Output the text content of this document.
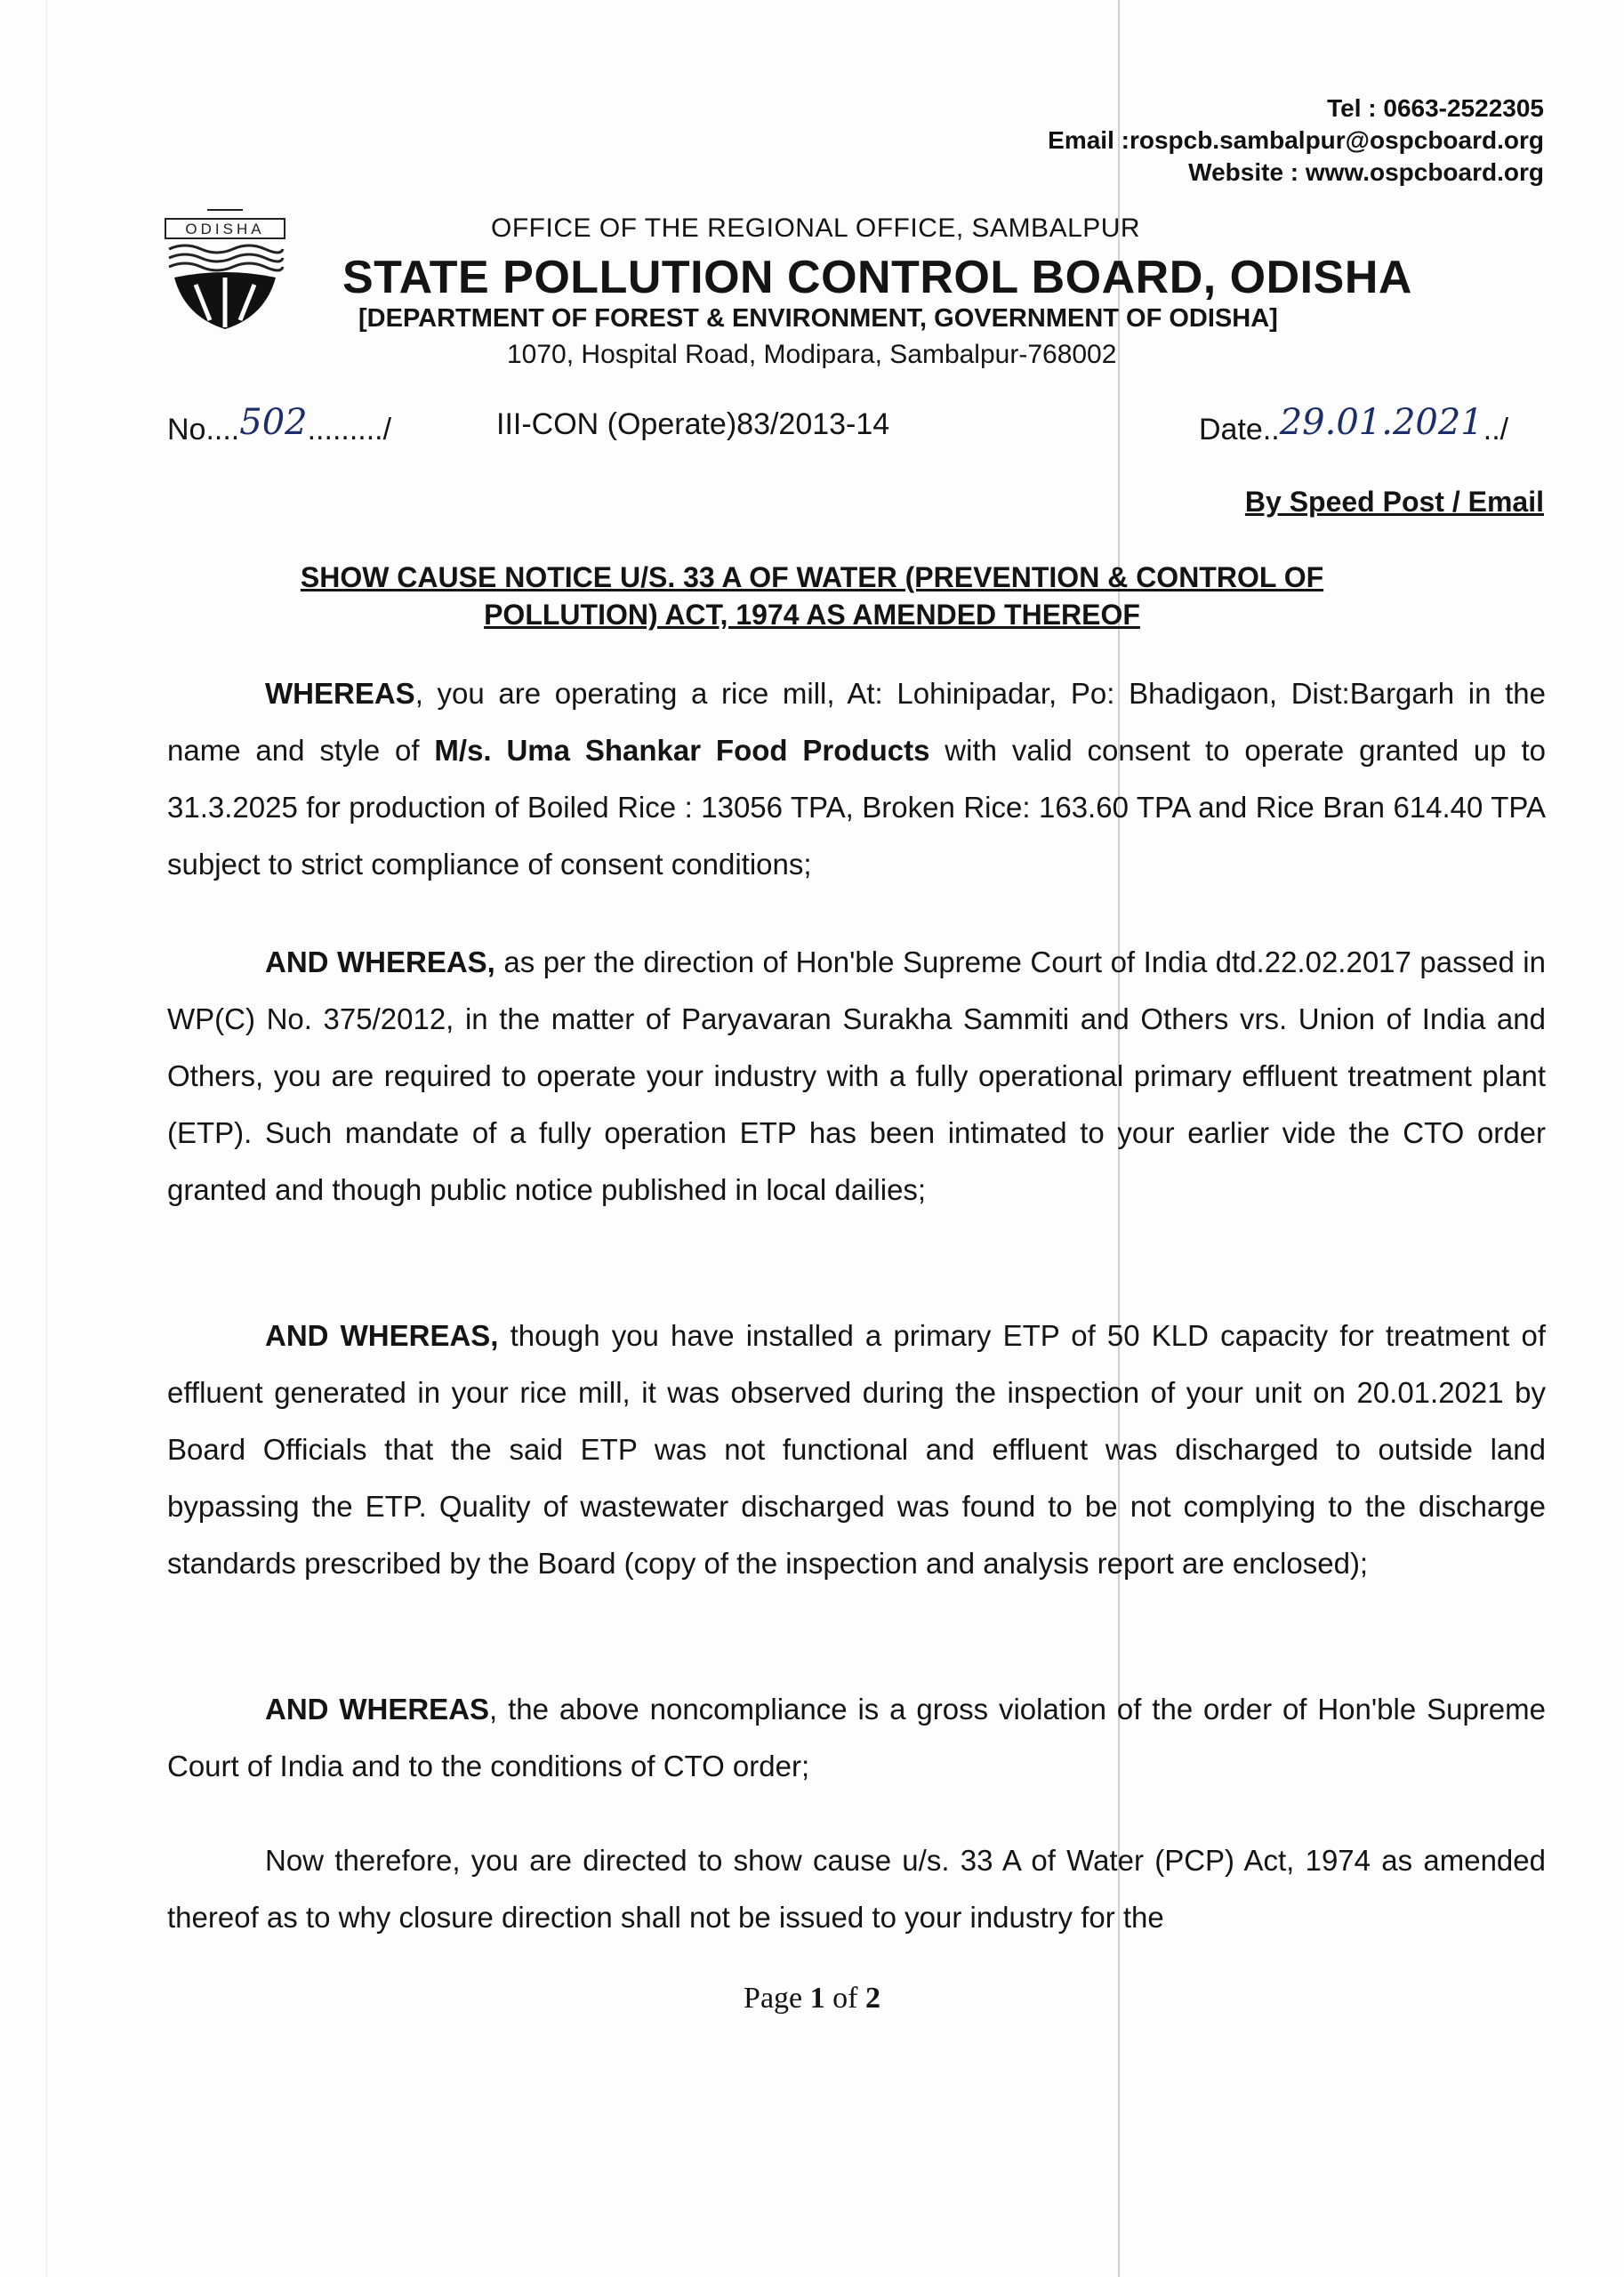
Tel : 0663-2522305
Email :rospcb.sambalpur@ospcboard.org
Website : www.ospcboard.org
ODISHA	OFFICE OF THE REGIONAL OFFICE, SAMBALPUR
STATE POLLUTION CONTROL BOARD, ODISHA
[DEPARTMENT OF FOREST & ENVIRONMENT, GOVERNMENT OF ODISHA]
1070, Hospital Road, Modipara, Sambalpur-768002
No....502........./	III-CON (Operate)83/2013-14	Date..29.01.2021../
By Speed Post / Email
SHOW CAUSE NOTICE U/S. 33 A OF WATER (PREVENTION & CONTROL OF
POLLUTION) ACT, 1974 AS AMENDED THEREOF

WHEREAS, you are operating a rice mill, At: Lohinipadar, Po: Bhadigaon, Dist:Bargarh in the name and style of M/s. Uma Shankar Food Products with valid consent to operate granted up to 31.3.2025 for production of Boiled Rice : 13056 TPA, Broken Rice: 163.60 TPA and Rice Bran 614.40 TPA subject to strict compliance of consent conditions;

AND WHEREAS, as per the direction of Hon'ble Supreme Court of India dtd.22.02.2017 passed in WP(C) No. 375/2012, in the matter of Paryavaran Surakha Sammiti and Others vrs. Union of India and Others, you are required to operate your industry with a fully operational primary effluent treatment plant (ETP). Such mandate of a fully operation ETP has been intimated to your earlier vide the CTO order granted and though public notice published in local dailies;

AND WHEREAS, though you have installed a primary ETP of 50 KLD capacity for treatment of effluent generated in your rice mill, it was observed during the inspection of your unit on 20.01.2021 by Board Officials that the said ETP was not functional and effluent was discharged to outside land bypassing the ETP. Quality of wastewater discharged was found to be not complying to the discharge standards prescribed by the Board (copy of the inspection and analysis report are enclosed);

AND WHEREAS, the above noncompliance is a gross violation of the order of Hon'ble Supreme Court of India and to the conditions of CTO order;

Now therefore, you are directed to show cause u/s. 33 A of Water (PCP) Act, 1974 as amended thereof as to why closure direction shall not be issued to your industry for the

Page 1 of 2
